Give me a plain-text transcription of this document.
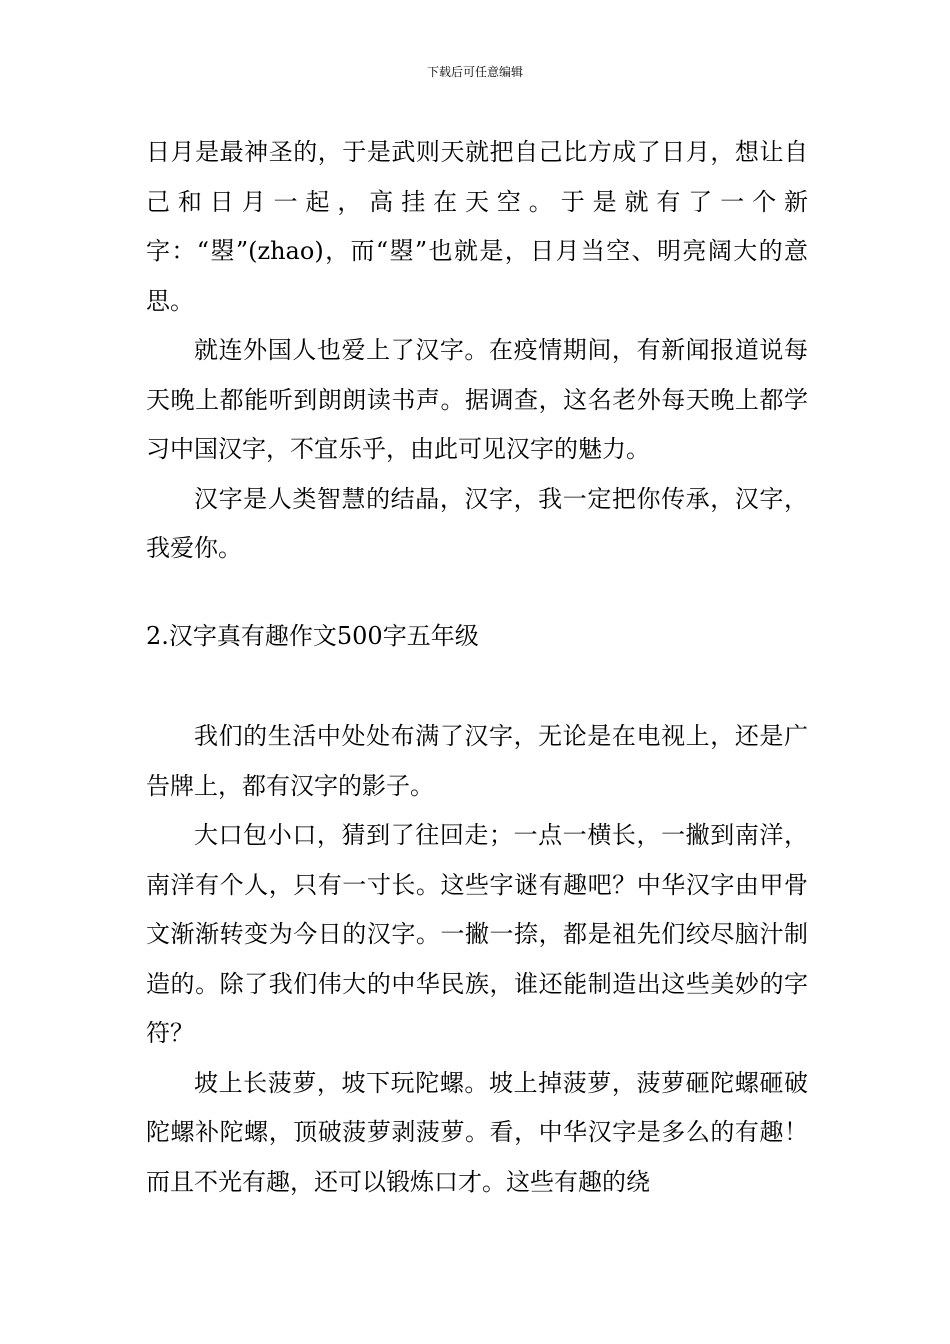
下载后可任意编辑

日月是最神圣的，于是武则天就把自己比方成了日月，想让自己和日月一起，高挂在天空。于是就有了一个新字：“曌”(zhao)，而“曌”也就是，日月当空、明亮阔大的意思。

就连外国人也爱上了汉字。在疫情期间，有新闻报道说每天晚上都能听到朗朗读书声。据调查，这名老外每天晚上都学习中国汉字，不宜乐乎，由此可见汉字的魅力。

汉字是人类智慧的结晶，汉字，我一定把你传承，汉字，我爱你。

2.汉字真有趣作文500字五年级

我们的生活中处处布满了汉字，无论是在电视上，还是广告牌上，都有汉字的影子。

大口包小口，猜到了往回走；一点一横长，一撇到南洋，南洋有个人，只有一寸长。这些字谜有趣吧？中华汉字由甲骨文渐渐转变为今日的汉字。一撇一捺，都是祖先们绞尽脑汁制造的。除了我们伟大的中华民族，谁还能制造出这些美妙的字符？

坡上长菠萝，坡下玩陀螺。坡上掉菠萝，菠萝砸陀螺砸破陀螺补陀螺，顶破菠萝剥菠萝。看，中华汉字是多么的有趣！而且不光有趣，还可以锻炼口才。这些有趣的绕
